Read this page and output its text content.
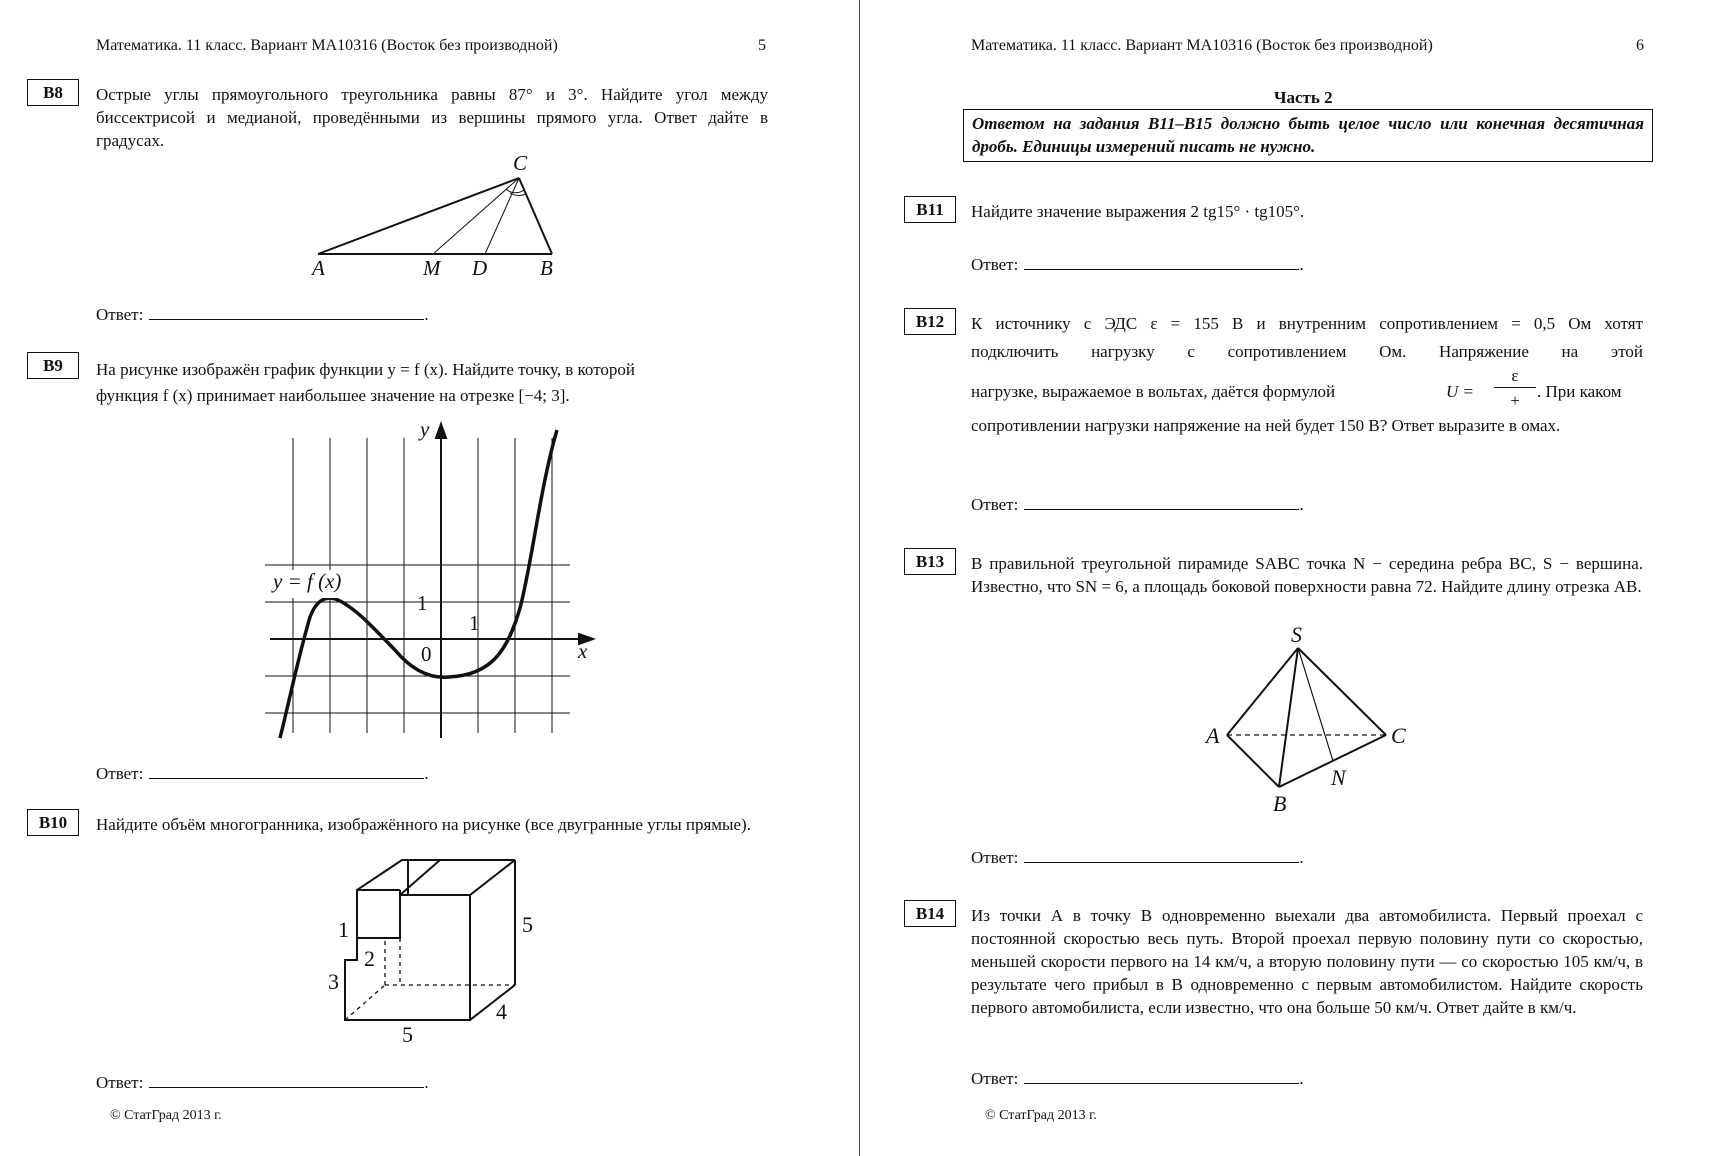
Математика. 11 класс. Вариант МА10316 (Восток без производной)	5
B8	Острые углы прямоугольного треугольника равны 87° и 3°. Найдите угол между биссектрисой и медианой, проведёнными из вершины прямого угла. Ответ дайте в градусах.
A	M D	B
C
Ответ:	.
B9	На рисунке изображён график функции y = f (x). Найдите точку, в которой
функция f (x) принимает наибольшее значение на отрезке [−4; 3].
y
x
y = f (x)
1
1
0
Ответ:	.
B10	Найдите объём многогранника, изображённого на рисунке (все двугранные углы прямые).
1
2
3
4
5
5
Ответ:	.
© СтатГрад 2013 г.
Математика. 11 класс. Вариант МА10316 (Восток без производной)	6
Часть 2
Ответом на задания B11–B15 должно быть целое число или конечная десятичная дробь. Единицы измерений писать не нужно.
B11	Найдите значение выражения 2 tg15° · tg105°.
Ответ:	.
B12	К источнику с ЭДС ε = 155 В и внутренним сопротивлением = 0,5 Ом хотят
подключить нагрузку с сопротивлением Ом. Напряжение на этой
нагрузке, выражаемое в вольтах, даётся формулой	U =
ε
+	. При каком
сопротивлении нагрузки напряжение на ней будет 150 В? Ответ выразите в омах.
Ответ:	.
B13	В правильной треугольной пирамиде SABC точка N − середина ребра BC, S − вершина. Известно, что SN = 6, а площадь боковой поверхности равна 72. Найдите длину отрезка AB.
S
A
B
C
N
Ответ:	.
B14	Из точки А в точку В одновременно выехали два автомобилиста. Первый проехал с постоянной скоростью весь путь. Второй проехал первую половину пути со скоростью, меньшей скорости первого на 14 км/ч, а вторую половину пути — со скоростью 105 км/ч, в результате чего прибыл в В одновременно с первым автомобилистом. Найдите скорость первого автомобилиста, если известно, что она больше 50 км/ч. Ответ дайте в км/ч.
Ответ:	.
© СтатГрад 2013 г.
